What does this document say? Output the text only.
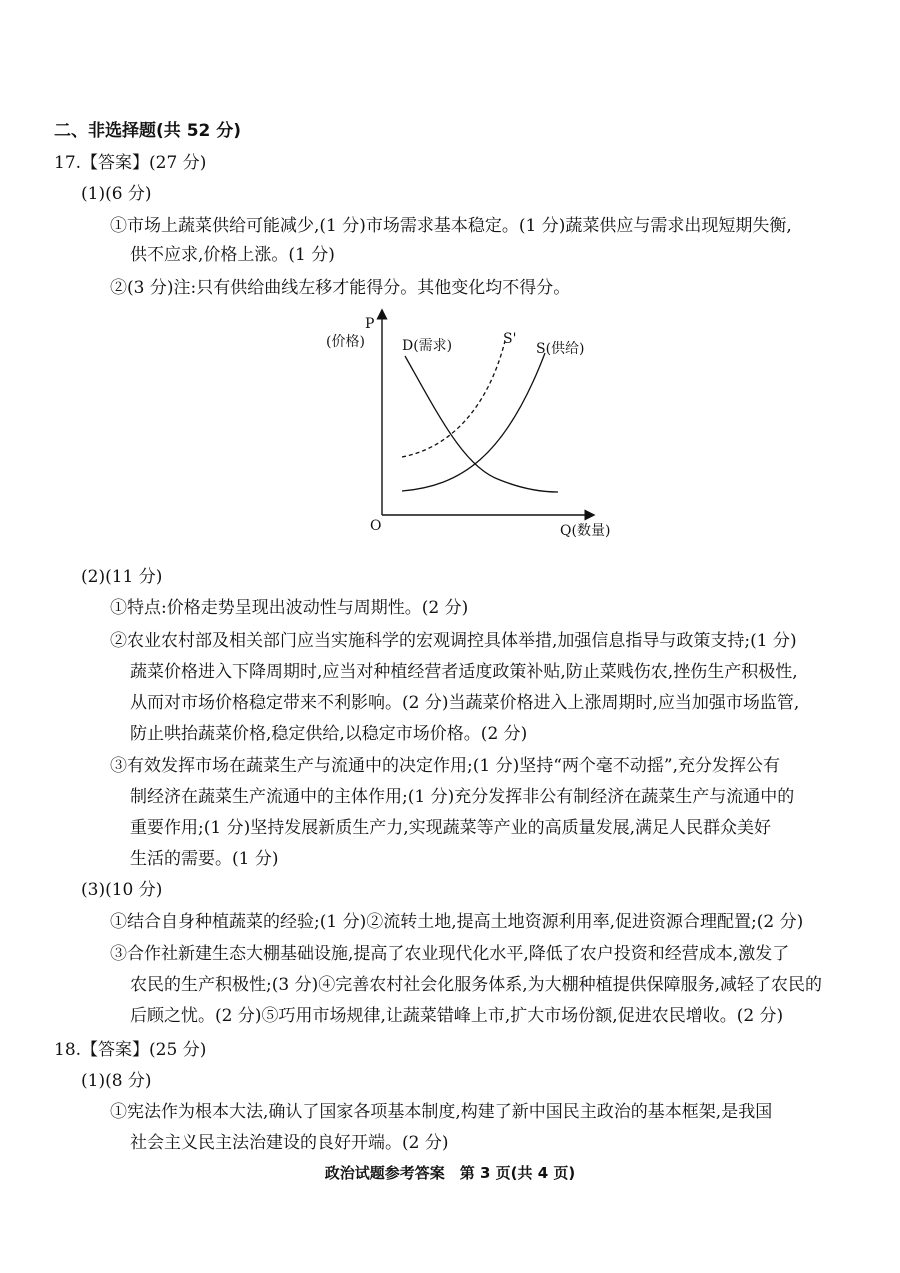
二、非选择题(共 52 分)
17.【答案】(27 分)
(1)(6 分)
①市场上蔬菜供给可能减少,(1 分)市场需求基本稳定。(1 分)蔬菜供应与需求出现短期失衡,
供不应求,价格上涨。(1 分)
②(3 分)注:只有供给曲线左移才能得分。其他变化均不得分。
P
(价格)	D(需求)	S'
S(供给)
O	Q(数量)
(2)(11 分)
①特点:价格走势呈现出波动性与周期性。(2 分)
②农业农村部及相关部门应当实施科学的宏观调控具体举措,加强信息指导与政策支持;(1 分)
蔬菜价格进入下降周期时,应当对种植经营者适度政策补贴,防止菜贱伤农,挫伤生产积极性,
从而对市场价格稳定带来不利影响。(2 分)当蔬菜价格进入上涨周期时,应当加强市场监管,
防止哄抬蔬菜价格,稳定供给,以稳定市场价格。(2 分)
③有效发挥市场在蔬菜生产与流通中的决定作用;(1 分)坚持“两个毫不动摇”,充分发挥公有
制经济在蔬菜生产流通中的主体作用;(1 分)充分发挥非公有制经济在蔬菜生产与流通中的
重要作用;(1 分)坚持发展新质生产力,实现蔬菜等产业的高质量发展,满足人民群众美好
生活的需要。(1 分)
(3)(10 分)
①结合自身种植蔬菜的经验;(1 分)②流转土地,提高土地资源利用率,促进资源合理配置;(2 分)
③合作社新建生态大棚基础设施,提高了农业现代化水平,降低了农户投资和经营成本,激发了
农民的生产积极性;(3 分)④完善农村社会化服务体系,为大棚种植提供保障服务,减轻了农民的
后顾之忧。(2 分)⑤巧用市场规律,让蔬菜错峰上市,扩大市场份额,促进农民增收。(2 分)
18.【答案】(25 分)
(1)(8 分)
①宪法作为根本大法,确认了国家各项基本制度,构建了新中国民主政治的基本框架,是我国
社会主义民主法治建设的良好开端。(2 分)
政治试题参考答案　第 3 页(共 4 页)
